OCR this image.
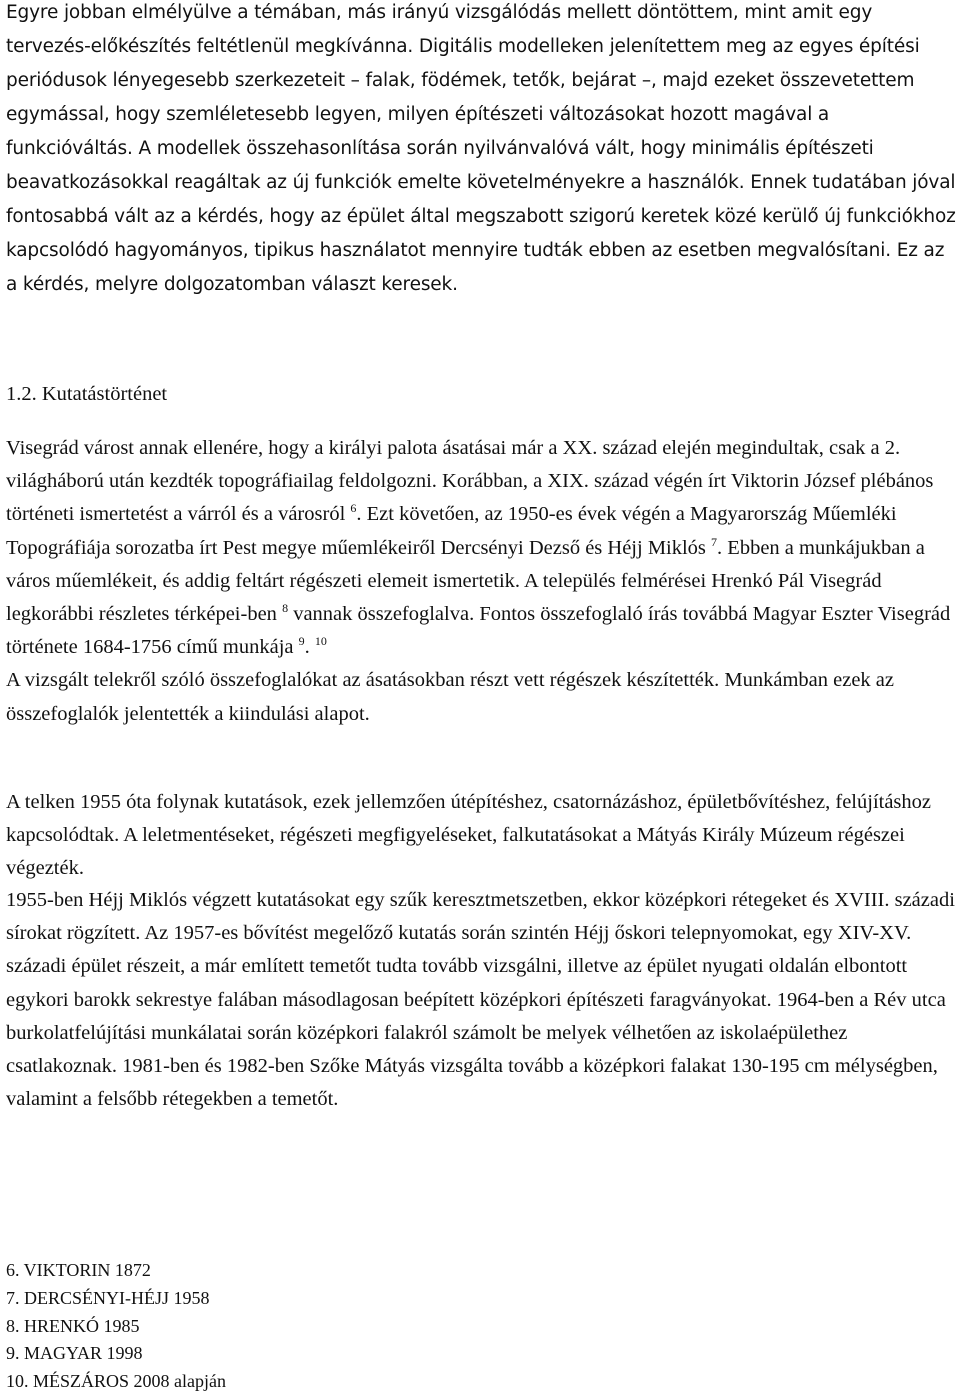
Egyre jobban elmélyülve a témában, más irányú vizsgálódás mellett döntöttem, mint amit egy tervezés-előkészítés feltétlenül megkívánna. Digitális modelleken jelenítettem meg az egyes építési periódusok lényegesebb szerkezeteit – falak, födémek, tetők, bejárat –, majd ezeket összevetettem egymással, hogy szemléletesebb legyen, milyen építészeti változásokat hozott magával a funkcióváltás. A modellek összehasonlítása során nyilvánvalóvá vált, hogy minimális építészeti beavatkozásokkal reagáltak az új funkciók emelte követelményekre a használók. Ennek tudatában jóval fontosabbá vált az a kérdés, hogy az épület által megszabott szigorú keretek közé kerülő új funkciókhoz kapcsolódó hagyományos, tipikus használatot mennyire tudták ebben az esetben megvalósítani. Ez az a kérdés, melyre dolgozatomban választ keresek.

1.2. Kutatástörténet

Visegrád várost annak ellenére, hogy a királyi palota ásatásai már a XX. század elején megindultak, csak a 2. világháború után kezdték topográfiailag feldolgozni. Korábban, a XIX. század végén írt Viktorin József plébános történeti ismertetést a várról és a városról $^6$. Ezt követően, az 1950-es évek végén a Magyarország Műemléki Topográfiája sorozatba írt Pest megye műemlékeiről Dercsényi Dezső és Héjj Miklós $^7$. Ebben a munkájukban a város műemlékeit, és addig feltárt régészeti elemeit ismertetik. A település felmérései Hrenkó Pál Visegrád legkorábbi részletes térképei-ben $^8$ vannak összefoglalva. Fontos összefoglaló írás továbbá Magyar Eszter Visegrád története 1684-1756 című munkája $^9$. $^{10}$
A vizsgált telekről szóló összefoglalókat az ásatásokban részt vett régészek készítették. Munkámban ezek az összefoglalók jelentették a kiindulási alapot.

A telken 1955 óta folynak kutatások, ezek jellemzően útépítéshez, csatornázáshoz, épületbővítéshez, felújításhoz kapcsolódtak. A leletmentéseket, régészeti megfigyeléseket, falkutatásokat a Mátyás Király Múzeum régészei végezték.

1955-ben Héjj Miklós végzett kutatásokat egy szűk keresztmetszetben, ekkor középkori rétegeket és XVIII. századi sírokat rögzített. Az 1957-es bővítést megelőző kutatás során szintén Héjj őskori telepnyomokat, egy XIV-XV. századi épület részeit, a már említett temetőt tudta tovább vizsgálni, illetve az épület nyugati oldalán elbontott egykori barokk sekrestye falában másodlagosan beépített középkori építészeti faragványokat. 1964-ben a Rév utca burkolatfelújítási munkálatai során középkori falakról számolt be melyek vélhetően az iskolaépülethez csatlakoznak. 1981-ben és 1982-ben Szőke Mátyás vizsgálta tovább a középkori falakat 130-195 cm mélységben, valamint a felsőbb rétegekben a temetőt.

6. VIKTORIN 1872
7. DERCSÉNYI-HÉJJ 1958
8. HRENKÓ 1985
9. MAGYAR 1998
10. MÉSZÁROS 2008 alapján
